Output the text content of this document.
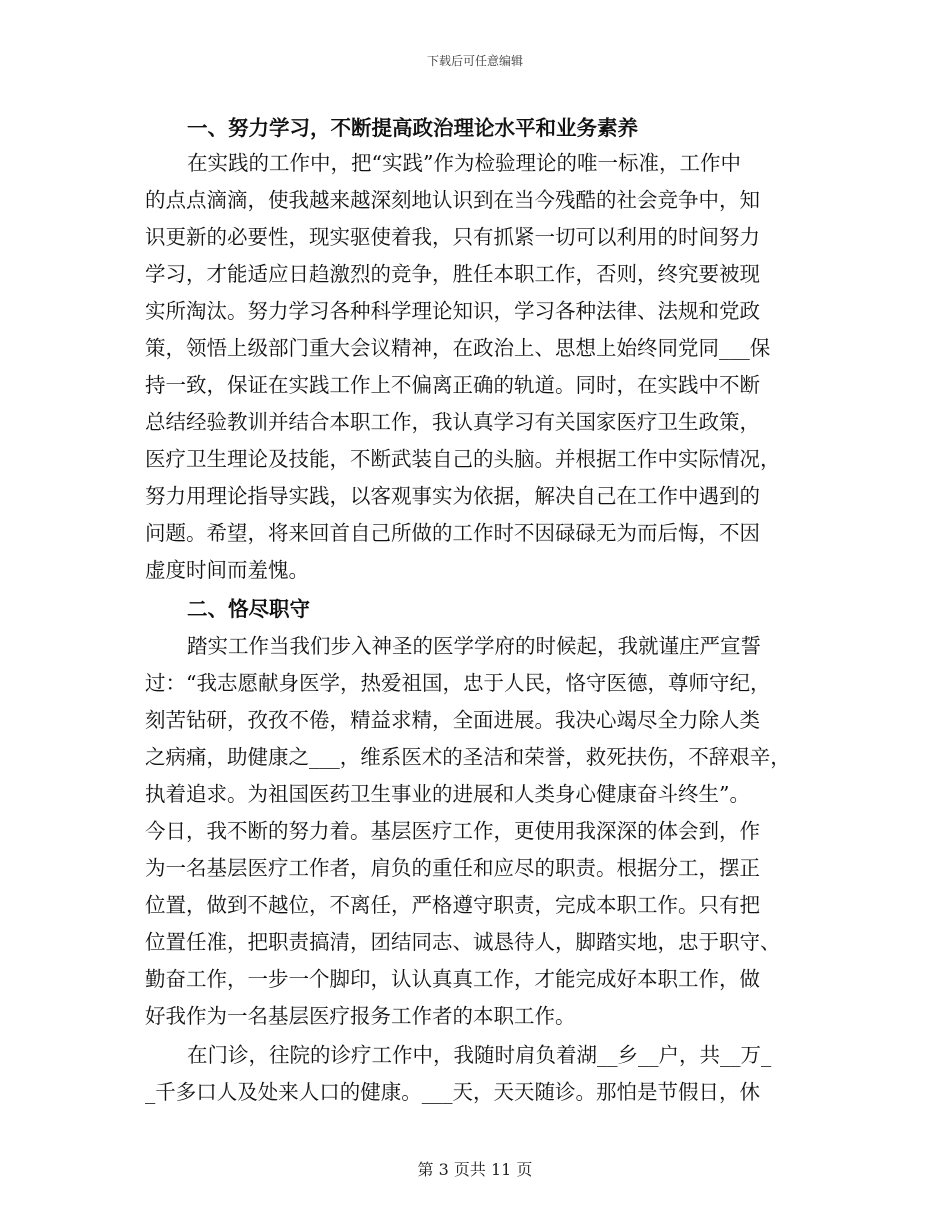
下载后可任意编辑
一、努力学习，不断提高政治理论水平和业务素养
在实践的工作中，把“实践”作为检验理论的唯一标准，工作中
的点点滴滴，使我越来越深刻地认识到在当今残酷的社会竞争中，知
识更新的必要性，现实驱使着我，只有抓紧一切可以利用的时间努力
学习，才能适应日趋激烈的竞争，胜任本职工作，否则，终究要被现
实所淘汰。努力学习各种科学理论知识，学习各种法律、法规和党政
策，领悟上级部门重大会议精神，在政治上、思想上始终同党同___保
持一致，保证在实践工作上不偏离正确的轨道。同时，在实践中不断
总结经验教训并结合本职工作，我认真学习有关国家医疗卫生政策，
医疗卫生理论及技能，不断武装自己的头脑。并根据工作中实际情况，
努力用理论指导实践，以客观事实为依据，解决自己在工作中遇到的
问题。希望，将来回首自己所做的工作时不因碌碌无为而后悔，不因
虚度时间而羞愧。
二、恪尽职守
踏实工作当我们步入神圣的医学学府的时候起，我就谨庄严宣誓
过：“我志愿献身医学，热爱祖国，忠于人民，恪守医德，尊师守纪，
刻苦钻研，孜孜不倦，精益求精，全面进展。我决心竭尽全力除人类
之病痛，助健康之___，维系医术的圣洁和荣誉，救死扶伤，不辞艰辛，
执着追求。为祖国医药卫生事业的进展和人类身心健康奋斗终生”。
今日，我不断的努力着。基层医疗工作，更使用我深深的体会到，作
为一名基层医疗工作者，肩负的重任和应尽的职责。根据分工，摆正
位置，做到不越位，不离任，严格遵守职责，完成本职工作。只有把
位置任准，把职责搞清，团结同志、诚恳待人，脚踏实地，忠于职守、
勤奋工作，一步一个脚印，认认真真工作，才能完成好本职工作，做
好我作为一名基层医疗报务工作者的本职工作。
在门诊，往院的诊疗工作中，我随时肩负着湖__乡__户，共__万_
_千多口人及处来人口的健康。___天，天天随诊。那怕是节假日，休
第 3 页共 11 页
